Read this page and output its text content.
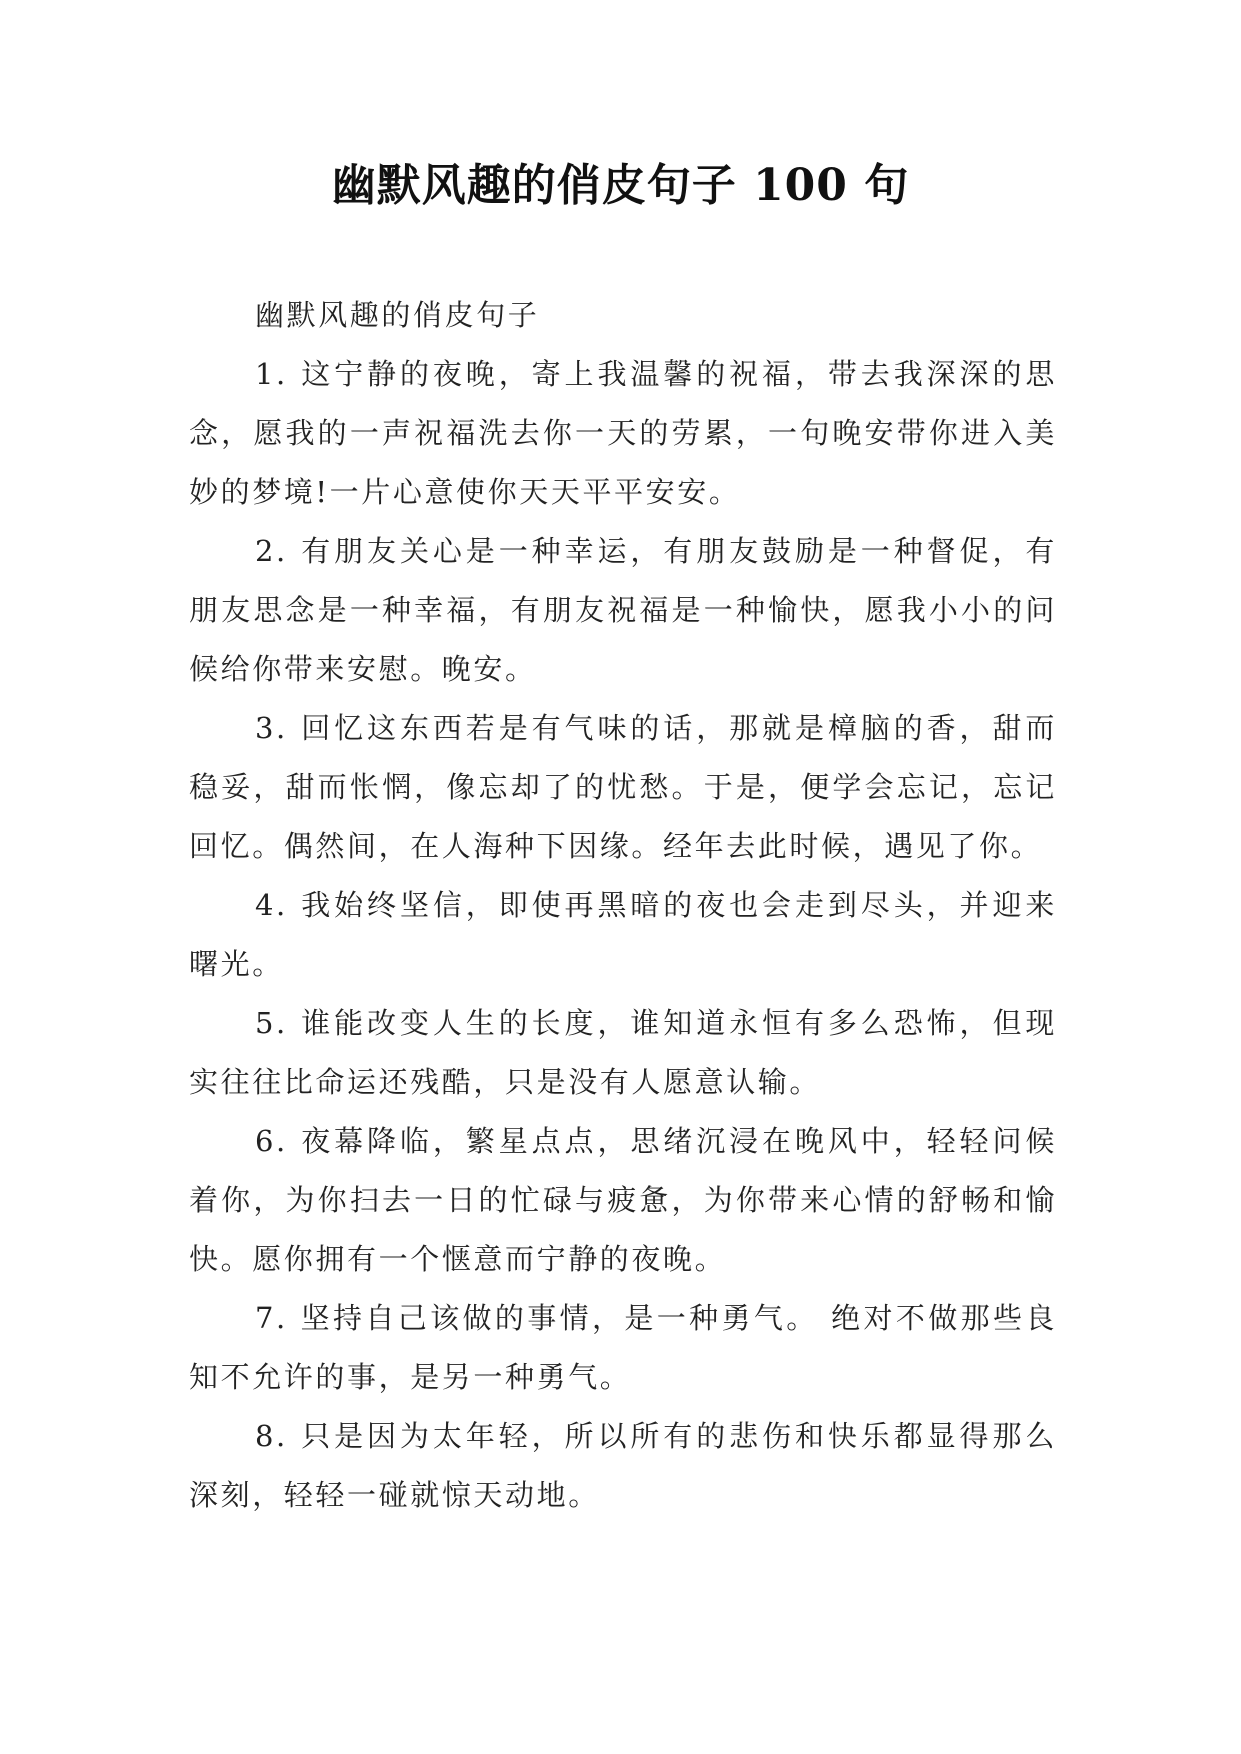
幽默风趣的俏皮句子 100 句

幽默风趣的俏皮句子

1. 这宁静的夜晚，寄上我温馨的祝福，带去我深深的思念，愿我的一声祝福洗去你一天的劳累，一句晚安带你进入美妙的梦境!一片心意使你天天平平安安。

2. 有朋友关心是一种幸运，有朋友鼓励是一种督促，有朋友思念是一种幸福，有朋友祝福是一种愉快，愿我小小的问候给你带来安慰。晚安。

3. 回忆这东西若是有气味的话，那就是樟脑的香，甜而稳妥，甜而怅惘，像忘却了的忧愁。于是，便学会忘记，忘记回忆。偶然间，在人海种下因缘。经年去此时候，遇见了你。

4. 我始终坚信，即使再黑暗的夜也会走到尽头，并迎来曙光。

5. 谁能改变人生的长度，谁知道永恒有多么恐怖，但现实往往比命运还残酷，只是没有人愿意认输。

6. 夜幕降临，繁星点点，思绪沉浸在晚风中，轻轻问候着你，为你扫去一日的忙碌与疲惫，为你带来心情的舒畅和愉快。愿你拥有一个惬意而宁静的夜晚。

7. 坚持自己该做的事情，是一种勇气。 绝对不做那些良知不允许的事，是另一种勇气。

8. 只是因为太年轻，所以所有的悲伤和快乐都显得那么深刻，轻轻一碰就惊天动地。
